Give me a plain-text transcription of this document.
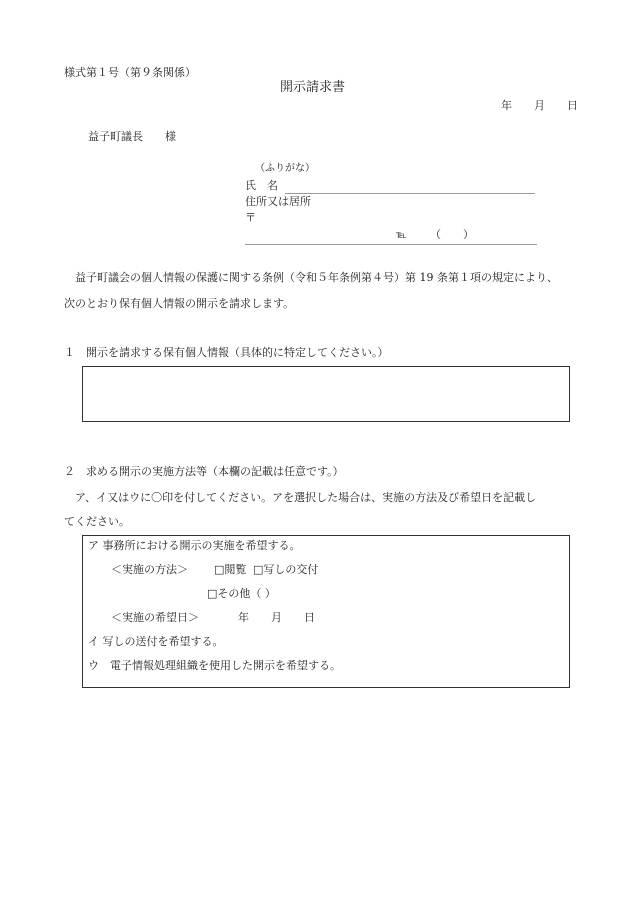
様式第１号（第９条関係）
開示請求書
年　　月　　日
益子町議長　　様
（ふりがな）
氏　名
住所又は居所
〒
℡ （　　）
益子町議会の個人情報の保護に関する条例（令和５年条例第４号）第 19 条第１項の規定により、
次のとおり保有個人情報の開示を請求します。
１　開示を請求する保有個人情報（具体的に特定してください。）
２　求める開示の実施方法等（本欄の記載は任意です。）
ア、イ又はウに〇印を付してください。アを選択した場合は、実施の方法及び希望日を記載し
てください。
ア 事務所における開示の実施を希望する。
＜実施の方法＞ □閲覧 □写しの交付
□その他（ ）
＜実施の希望日＞	年　　月　　日
イ 写しの送付を希望する。
ウ　電子情報処理組織を使用した開示を希望する。
